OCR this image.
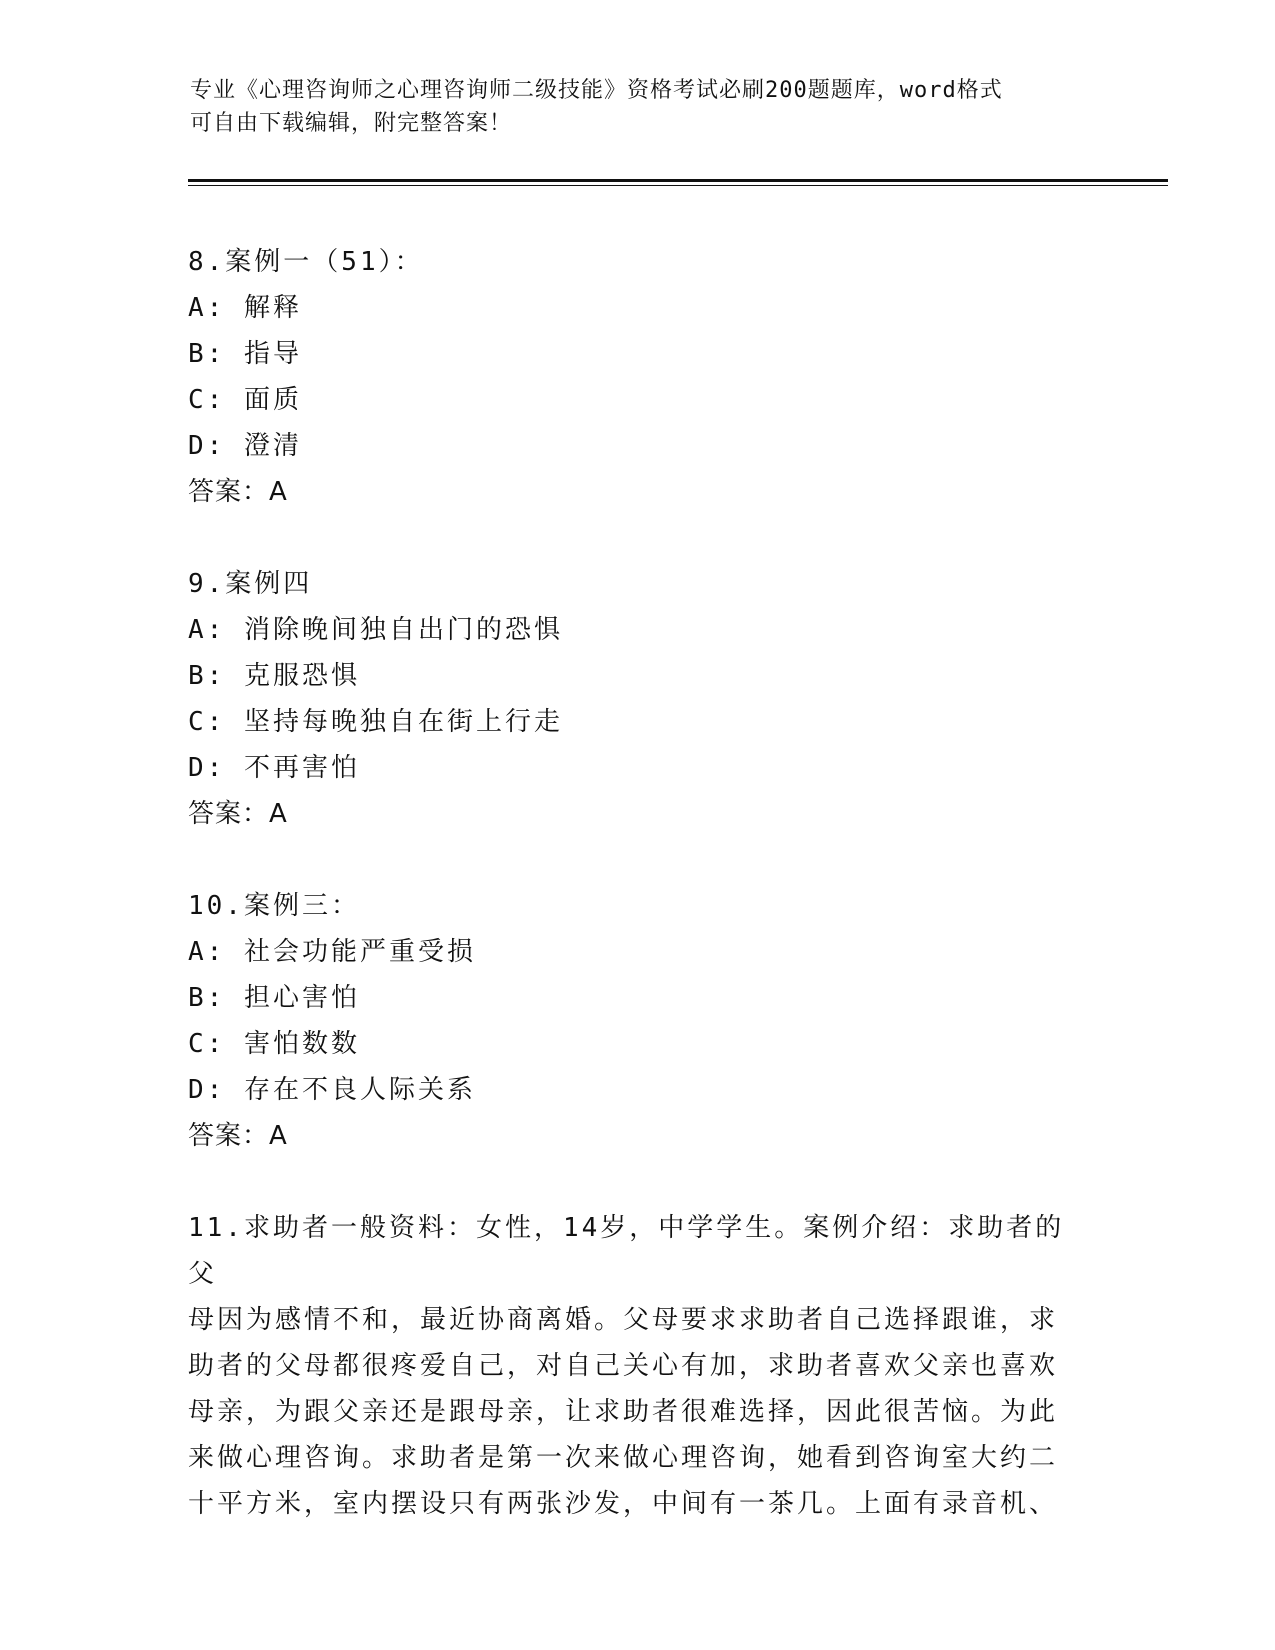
专业《心理咨询师之心理咨询师二级技能》资格考试必刷200题题库，word格式
可自由下载编辑，附完整答案！
8.案例一（51）：
A: 解释
B: 指导
C: 面质
D: 澄清
答案：A
9.案例四
A: 消除晚间独自出门的恐惧
B: 克服恐惧
C: 坚持每晚独自在街上行走
D: 不再害怕
答案：A
10.案例三：
A: 社会功能严重受损
B: 担心害怕
C: 害怕数数
D: 存在不良人际关系
答案：A
11.求助者一般资料：女性，14岁，中学学生。案例介绍：求助者的父
母因为感情不和，最近协商离婚。父母要求求助者自己选择跟谁，求
助者的父母都很疼爱自己，对自己关心有加，求助者喜欢父亲也喜欢
母亲，为跟父亲还是跟母亲，让求助者很难选择，因此很苦恼。为此
来做心理咨询。求助者是第一次来做心理咨询，她看到咨询室大约二
十平方米，室内摆设只有两张沙发，中间有一茶几。上面有录音机、
